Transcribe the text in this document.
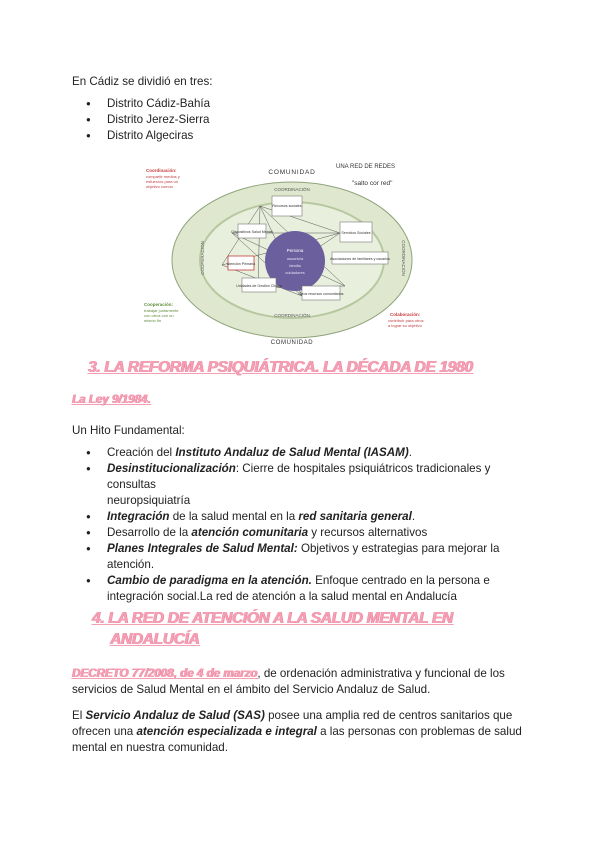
En Cádiz se dividió en tres:

● Distrito Cádiz-Bahía
● Distrito Jerez-Sierra
● Distrito Algeciras
COMUNIDAD
COMUNIDAD
UNA RED DE REDES
"salto cor red"
COORDINACIÓN
COORDINACIÓN
COOPERACIÓN	COORDINACIÓN
Persona
usuario/a
familia
cuidadores
Recursos sociales
Dispositivos Salud Mental	Servicios Sociales
Atención Primaria
Asociaciones de familiares y usuarios
Unidades de Gestión Clínica
Otros recursos comunitarios
Coordinación:
compartir medios y
esfuerzos para un
objetivo común
Cooperación:
trabajar juntamente
con otros con un
mismo fin
Colaboración:
contribuir para otros
a lograr su objetivo
3. LA REFORMA PSIQUIÁTRICA. LA DÉCADA DE 1980
La Ley 9/1984.

Un Hito Fundamental:

● Creación del Instituto Andaluz de Salud Mental (IASAM).
● Desinstitucionalización: Cierre de hospitales psiquiátricos tradicionales y consultas
neuropsiquiatría
● Integración de la salud mental en la red sanitaria general.
● Desarrollo de la atención comunitaria y recursos alternativos
● Planes Integrales de Salud Mental: Objetivos y estrategias para mejorar la
atención.
● Cambio de paradigma en la atención. Enfoque centrado en la persona e
integración social.La red de atención a la salud mental en Andalucía
4. LA RED DE ATENCIÓN A LA SALUD MENTAL EN
ANDALUCÍA

DECRETO 77/2008, de 4 de marzo, de ordenación administrativa y funcional de los
servicios de Salud Mental en el ámbito del Servicio Andaluz de Salud.

El Servicio Andaluz de Salud (SAS) posee una amplia red de centros sanitarios que
ofrecen una atención especializada e integral a las personas con problemas de salud
mental en nuestra comunidad.
